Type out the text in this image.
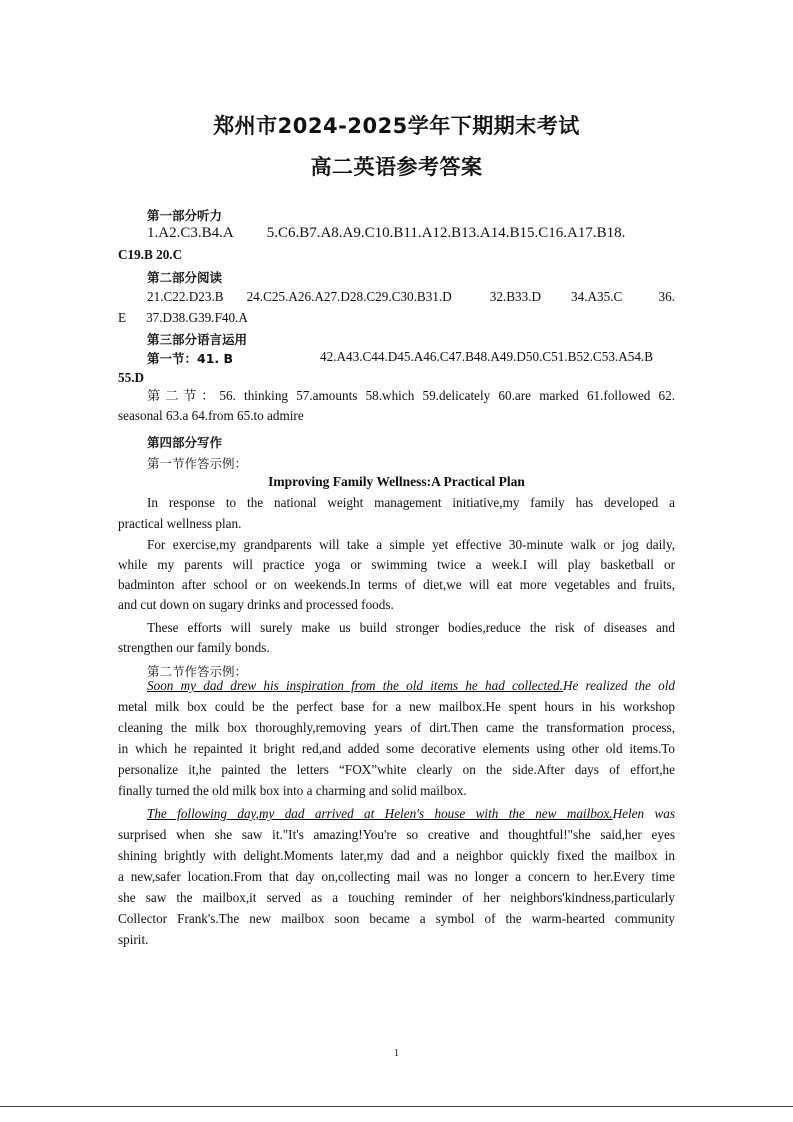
郑州市2024-2025学年下期期末考试
高二英语参考答案
第一部分听力
1.A2.C3.B4.A 5.C6.B7.A8.A9.C10.B11.A12.B13.A14.B15.C16.A17.B18.
C19.B 20.C
第二部分阅读
21.C22.D23.B 24.C25.A26.A27.D28.C29.C30.B31.D	32.B33.D 34.A35.C	36.
E 37.D38.G39.F40.A
第三部分语言运用
第一节：41. B	42.A43.C44.D45.A46.C47.B48.A49.D50.C51.B52.C53.A54.B
55.D
第二节：56. thinking 57.amounts 58.which 59.delicately 60.are marked 61.followed 62.
seasonal 63.a 64.from 65.to admire
第四部分写作
第一节作答示例：
Improving Family Wellness:A Practical Plan
In response to the national weight management initiative,my family has developed a
practical wellness plan.
For exercise,my grandparents will take a simple yet effective 30-minute walk or jog daily,
while my parents will practice yoga or swimming twice a week.I will play basketball or
badminton after school or on weekends.In terms of diet,we will eat more vegetables and fruits,
and cut down on sugary drinks and processed foods.
These efforts will surely make us build stronger bodies,reduce the risk of diseases and
strengthen our family bonds.
第二节作答示例：
Soon my dad drew his inspiration from the old items he had collected.He realized the old
metal milk box could be the perfect base for a new mailbox.He spent hours in his workshop
cleaning the milk box thoroughly,removing years of dirt.Then came the transformation process,
in which he repainted it bright red,and added some decorative elements using other old items.To
personalize it,he painted the letters “FOX”white clearly on the side.After days of effort,he
finally turned the old milk box into a charming and solid mailbox.
The following day,my dad arrived at Helen's house with the new mailbox.Helen was
surprised when she saw it."It's amazing!You're so creative and thoughtful!"she said,her eyes
shining brightly with delight.Moments later,my dad and a neighbor quickly fixed the mailbox in
a new,safer location.From that day on,collecting mail was no longer a concern to her.Every time
she saw the mailbox,it served as a touching reminder of her neighbors'kindness,particularly
Collector Frank's.The new mailbox soon became a symbol of the warm-hearted community
spirit.
1
